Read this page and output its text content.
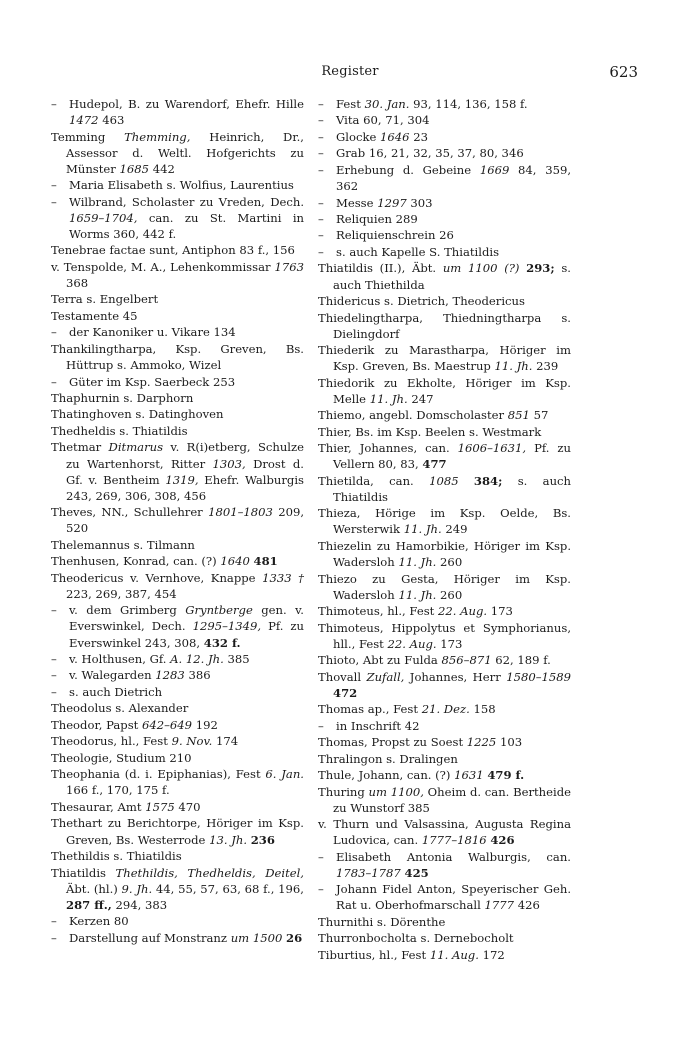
Register	623

– Hudepol, B. zu Warendorf, Ehefr. Hille 1472 463

Temming Themming, Heinrich, Dr., Assessor d. Weltl. Hofgerichts zu Münster 1685 442

– Maria Elisabeth s. Wolfius, Laurentius

– Wilbrand, Scholaster zu Vreden, Dech. 1659–1704, can. zu St. Martini in Worms 360, 442 f.

Tenebrae factae sunt, Antiphon 83 f., 156

v. Tenspolde, M. A., Lehenkommissar 1763 368

Terra s. Engelbert

Testamente 45

– der Kanoniker u. Vikare 134

Thankilingtharpa, Ksp. Greven, Bs. Hüttrup s. Ammoko, Wizel

– Güter im Ksp. Saerbeck 253

Thaphurnin s. Darphorn

Thatinghoven s. Datinghoven

Thedheldis s. Thiatildis

Thetmar Ditmarus v. R(i)etberg, Schulze zu Wartenhorst, Ritter 1303, Drost d. Gf. v. Bentheim 1319, Ehefr. Walburgis 243, 269, 306, 308, 456

Theves, NN., Schullehrer 1801–1803 209, 520

Thelemannus s. Tilmann

Thenhusen, Konrad, can. (?) 1640 481

Theodericus v. Vernhove, Knappe 1333 † 223, 269, 387, 454

– v. dem Grimberg Gryntberge gen. v. Everswinkel, Dech. 1295–1349, Pf. zu Everswinkel 243, 308, 432 f.

– v. Holthusen, Gf. A. 12. Jh. 385

– v. Walegarden 1283 386

– s. auch Dietrich

Theodolus s. Alexander

Theodor, Papst 642–649 192

Theodorus, hl., Fest 9. Nov. 174

Theologie, Studium 210

Theophania (d. i. Epiphanias), Fest 6. Jan. 166 f., 170, 175 f.

Thesaurar, Amt 1575 470

Thethart zu Berichtorpe, Höriger im Ksp. Greven, Bs. Westerrode 13. Jh. 236

Thethildis s. Thiatildis

Thiatildis Thethildis, Thedheldis, Deitel, Äbt. (hl.) 9. Jh. 44, 55, 57, 63, 68 f., 196, 287 ff., 294, 383

– Kerzen 80

– Darstellung auf Monstranz um 1500 26

– Fest 30. Jan. 93, 114, 136, 158 f.

– Vita 60, 71, 304

– Glocke 1646 23

– Grab 16, 21, 32, 35, 37, 80, 346

– Erhebung d. Gebeine 1669 84, 359, 362

– Messe 1297 303

– Reliquien 289

– Reliquienschrein 26

– s. auch Kapelle S. Thiatildis

Thiatildis (II.), Äbt. um 1100 (?) 293; s. auch Thiethilda

Thidericus s. Dietrich, Theodericus

Thiedelingtharpa, Thiedningtharpa s. Dielingdorf

Thiederik zu Marastharpa, Höriger im Ksp. Greven, Bs. Maestrup 11. Jh. 239

Thiedorik zu Ekholte, Höriger im Ksp. Melle 11. Jh. 247

Thiemo, angebl. Domscholaster 851 57

Thier, Bs. im Ksp. Beelen s. Westmark

Thier, Johannes, can. 1606–1631, Pf. zu Vellern 80, 83, 477

Thietilda, can. 1085 384; s. auch Thiatildis

Thieza, Hörige im Ksp. Oelde, Bs. Wersterwik 11. Jh. 249

Thiezelin zu Hamorbikie, Höriger im Ksp. Wadersloh 11. Jh. 260

Thiezo zu Gesta, Höriger im Ksp. Wadersloh 11. Jh. 260

Thimoteus, hl., Fest 22. Aug. 173

Thimoteus, Hippolytus et Symphorianus, hll., Fest 22. Aug. 173

Thioto, Abt zu Fulda 856–871 62, 189 f.

Thovall Zufall, Johannes, Herr 1580–1589 472

Thomas ap., Fest 21. Dez. 158

– in Inschrift 42

Thomas, Propst zu Soest 1225 103

Thralingon s. Dralingen

Thule, Johann, can. (?) 1631 479 f.

Thuring um 1100, Oheim d. can. Bertheide zu Wunstorf 385

v. Thurn und Valsassina, Augusta Regina Ludovica, can. 1777–1816 426

– Elisabeth Antonia Walburgis, can. 1783–1787 425

– Johann Fidel Anton, Speyerischer Geh. Rat u. Oberhofmarschall 1777 426

Thurnithi s. Dörenthe

Thurronbocholta s. Dernebocholt

Tiburtius, hl., Fest 11. Aug. 172
